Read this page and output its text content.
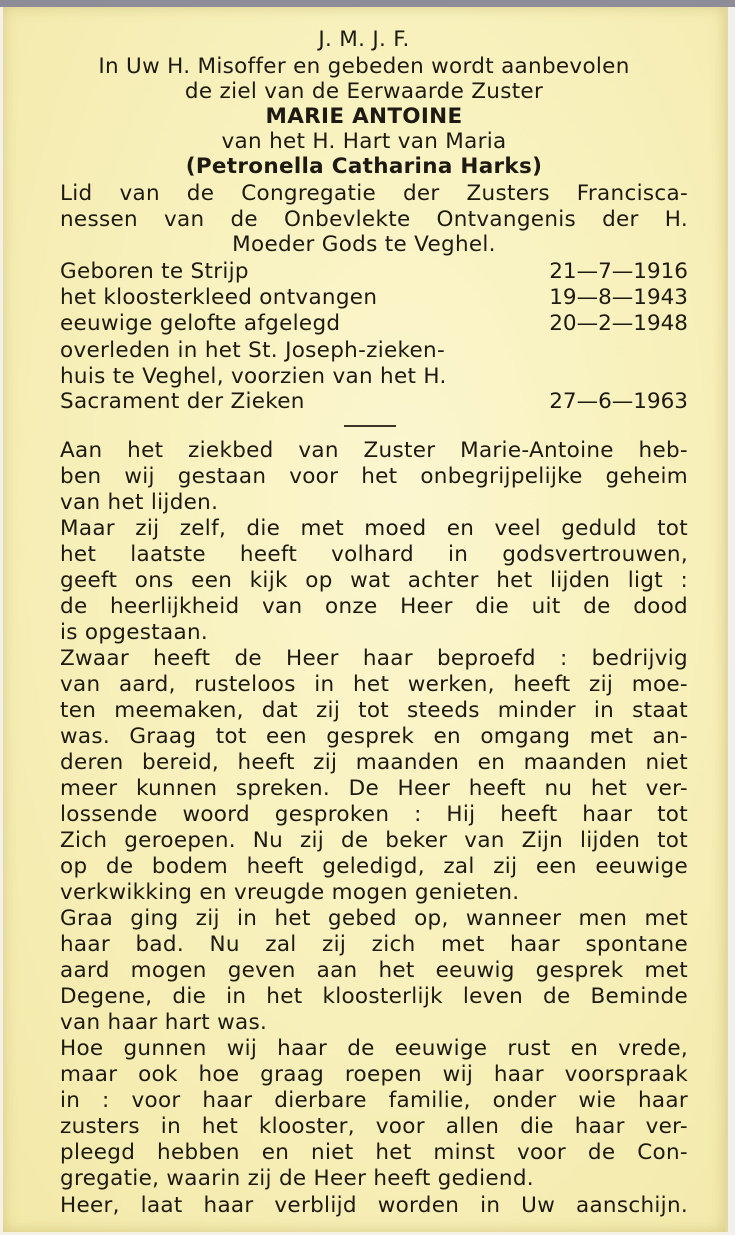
J. M. J. F.
In Uw H. Misoffer en gebeden wordt aanbevolen
de ziel van de Eerwaarde Zuster
MARIE ANTOINE
van het H. Hart van Maria
(Petronella Catharina Harks)
Lid van de Congregatie der Zusters Francisca-
nessen van de Onbevlekte Ontvangenis der H.
Moeder Gods te Veghel.
Geboren te Strijp	21—7—1916
het kloosterkleed ontvangen	19—8—1943
eeuwige gelofte afgelegd	20—2—1948
overleden in het St. Joseph-zieken-
huis te Veghel, voorzien van het H.
Sacrament der Zieken	27—6—1963
Aan het ziekbed van Zuster Marie-Antoine heb-
ben wij gestaan voor het onbegrijpelijke geheim
van het lijden.
Maar zij zelf, die met moed en veel geduld tot
het laatste heeft volhard in godsvertrouwen,
geeft ons een kijk op wat achter het lijden ligt :
de heerlijkheid van onze Heer die uit de dood
is opgestaan.
Zwaar heeft de Heer haar beproefd : bedrijvig
van aard, rusteloos in het werken, heeft zij moe-
ten meemaken, dat zij tot steeds minder in staat
was. Graag tot een gesprek en omgang met an-
deren bereid, heeft zij maanden en maanden niet
meer kunnen spreken. De Heer heeft nu het ver-
lossende woord gesproken : Hij heeft haar tot
Zich geroepen. Nu zij de beker van Zijn lijden tot
op de bodem heeft geledigd, zal zij een eeuwige
verkwikking en vreugde mogen genieten.
Graa ging zij in het gebed op, wanneer men met
haar bad. Nu zal zij zich met haar spontane
aard mogen geven aan het eeuwig gesprek met
Degene, die in het kloosterlijk leven de Beminde
van haar hart was.
Hoe gunnen wij haar de eeuwige rust en vrede,
maar ook hoe graag roepen wij haar voorspraak
in : voor haar dierbare familie, onder wie haar
zusters in het klooster, voor allen die haar ver-
pleegd hebben en niet het minst voor de Con-
gregatie, waarin zij de Heer heeft gediend.
Heer, laat haar verblijd worden in Uw aanschijn.
